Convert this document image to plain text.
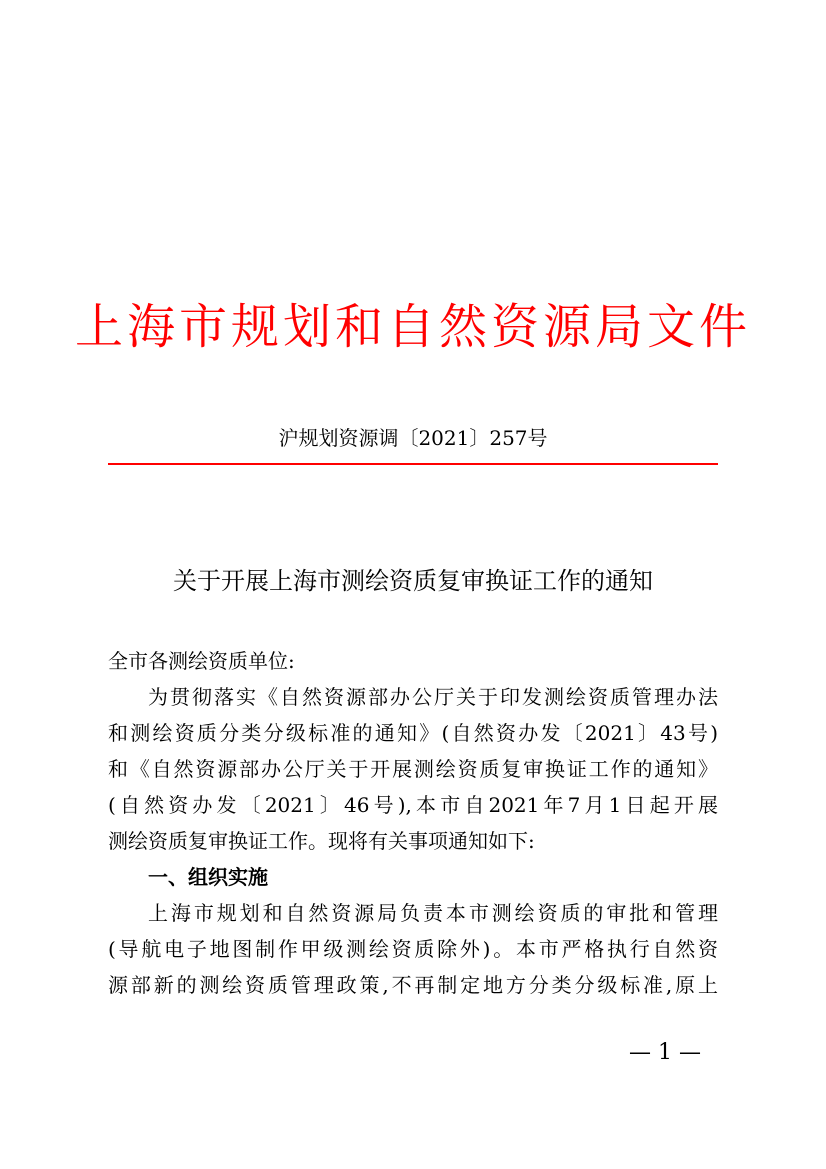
上海市规划和自然资源局文件
沪规划资源调〔2021〕257号
关于开展上海市测绘资质复审换证工作的通知
全市各测绘资质单位:
为贯彻落实《自然资源部办公厅关于印发测绘资质管理办法
和测绘资质分类分级标准的通知》(自然资办发〔2021〕43号)
和《自然资源部办公厅关于开展测绘资质复审换证工作的通知》
(自然资办发〔2021〕46号),本市自2021年7月1日起开展
测绘资质复审换证工作。现将有关事项通知如下:
一、组织实施
上海市规划和自然资源局负责本市测绘资质的审批和管理
(导航电子地图制作甲级测绘资质除外)。本市严格执行自然资
源部新的测绘资质管理政策,不再制定地方分类分级标准,原上
— 1 —
